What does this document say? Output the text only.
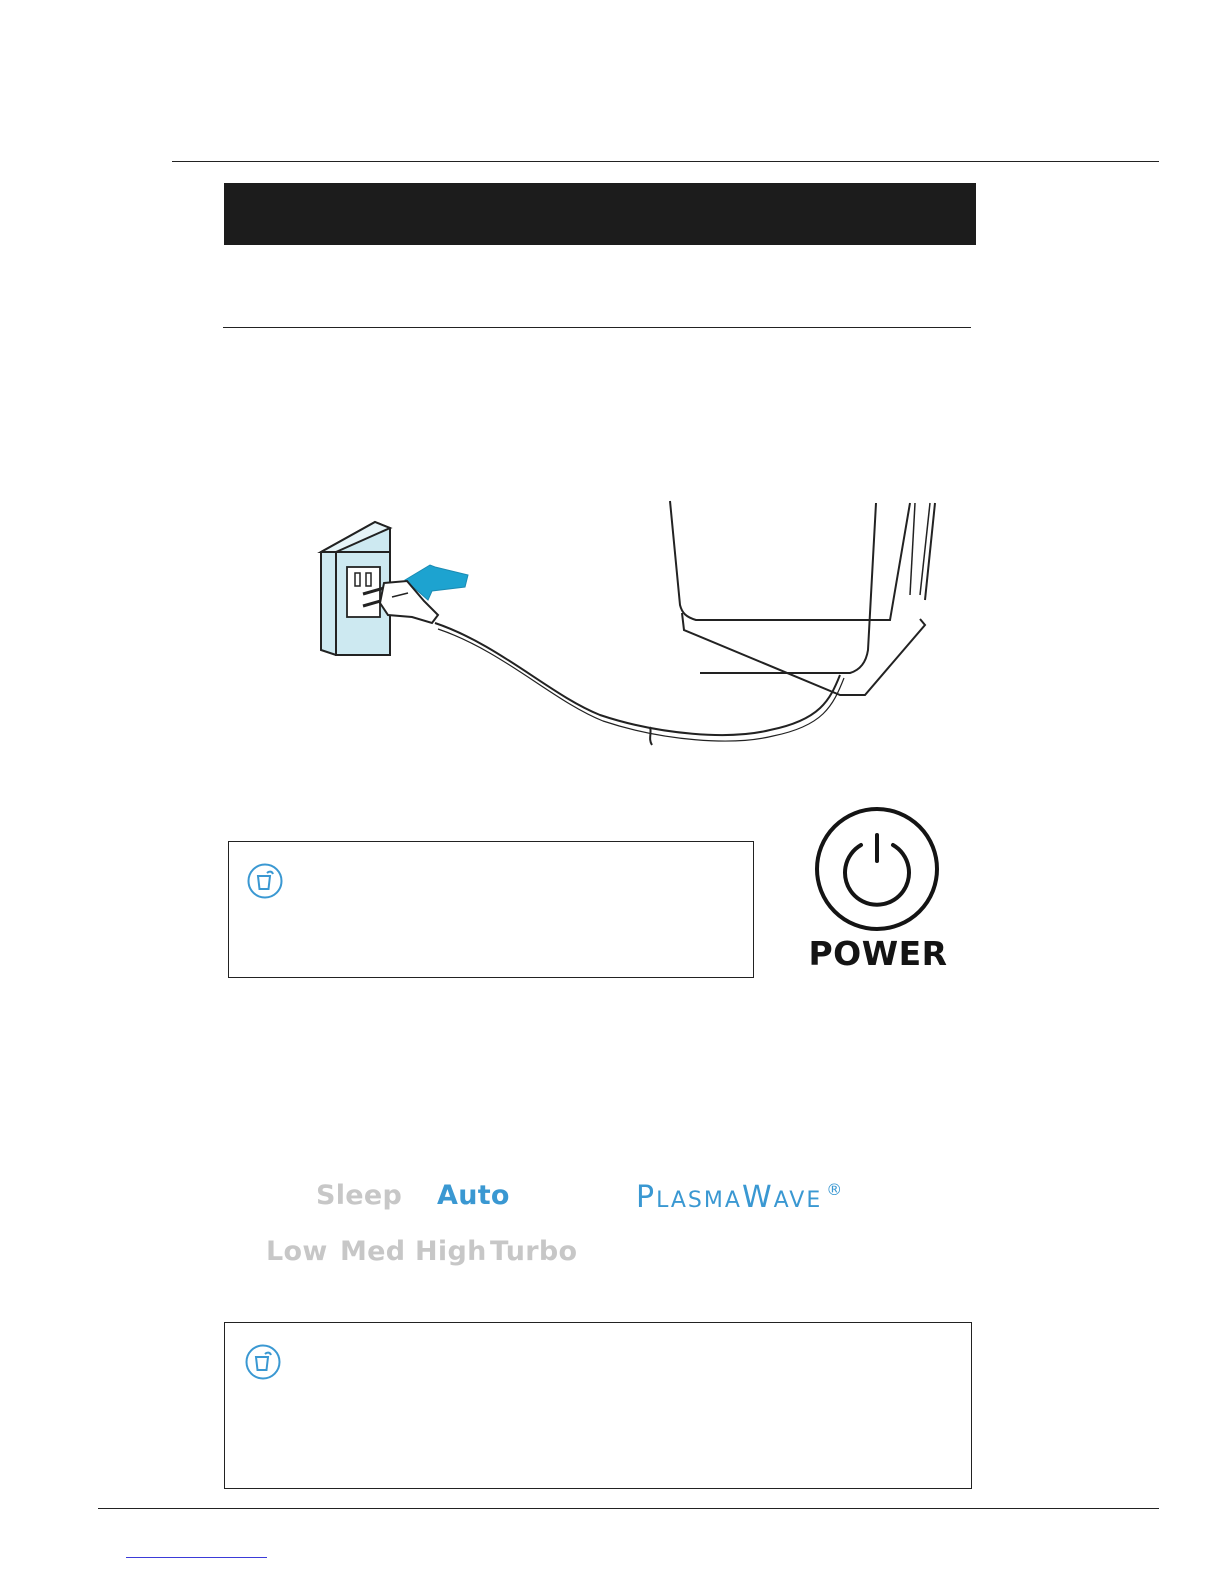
POWER
Sleep Auto
Low Med High Turbo
PLASMAWAVE ®
